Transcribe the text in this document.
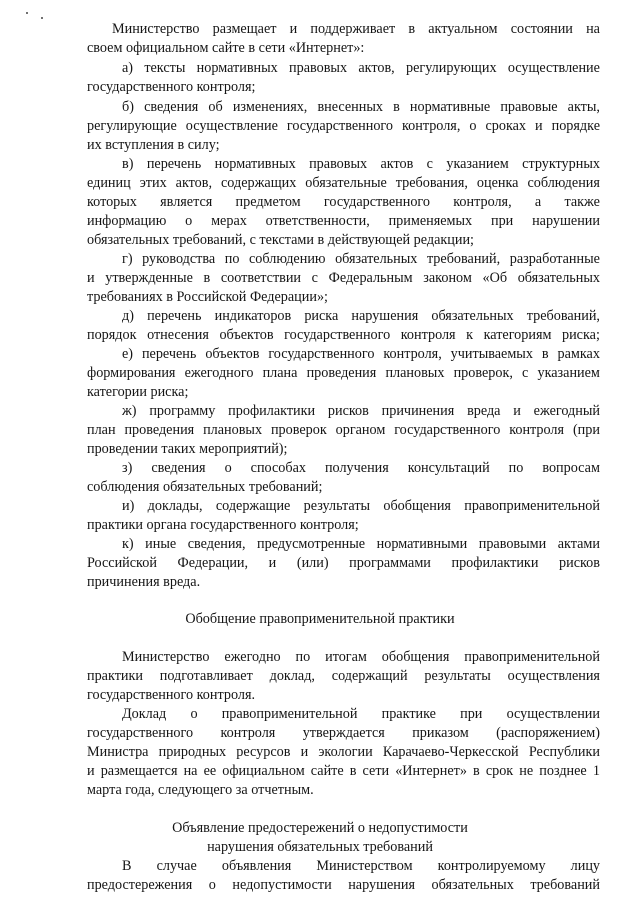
Министерство размещает и поддерживает в актуальном состоянии на
своем официальном сайте в сети «Интернет»:
а) тексты нормативных правовых актов, регулирующих осуществление
государственного контроля;
б) сведения об изменениях, внесенных в нормативные правовые акты,
регулирующие осуществление государственного контроля, о сроках и порядке
их вступления в силу;
в) перечень нормативных правовых актов с указанием структурных
единиц этих актов, содержащих обязательные требования, оценка соблюдения
которых является предметом государственного контроля, а также
информацию о мерах ответственности, применяемых при нарушении
обязательных требований, с текстами в действующей редакции;
г) руководства по соблюдению обязательных требований, разработанные
и утвержденные в соответствии с Федеральным законом «Об обязательных
требованиях в Российской Федерации»;
д) перечень индикаторов риска нарушения обязательных требований,
порядок отнесения объектов государственного контроля к категориям риска;
е) перечень объектов государственного контроля, учитываемых в рамках
формирования ежегодного плана проведения плановых проверок, с указанием
категории риска;
ж) программу профилактики рисков причинения вреда и ежегодный
план проведения плановых проверок органом государственного контроля (при
проведении таких мероприятий);
з) сведения о способах получения консультаций по вопросам
соблюдения обязательных требований;
и) доклады, содержащие результаты обобщения правоприменительной
практики органа государственного контроля;
к) иные сведения, предусмотренные нормативными правовыми актами
Российской Федерации, и (или) программами профилактики рисков
причинения вреда.
Обобщение правоприменительной практики
Министерство ежегодно по итогам обобщения правоприменительной
практики подготавливает доклад, содержащий результаты осуществления
государственного контроля.
Доклад о правоприменительной практике при осуществлении
государственного контроля утверждается приказом (распоряжением)
Министра природных ресурсов и экологии Карачаево-Черкесской Республики
и размещается на ее официальном сайте в сети «Интернет» в срок не позднее 1
марта года, следующего за отчетным.
Объявление предостережений о недопустимости
нарушения обязательных требований
В случае объявления Министерством контролируемому лицу
предостережения о недопустимости нарушения обязательных требований
